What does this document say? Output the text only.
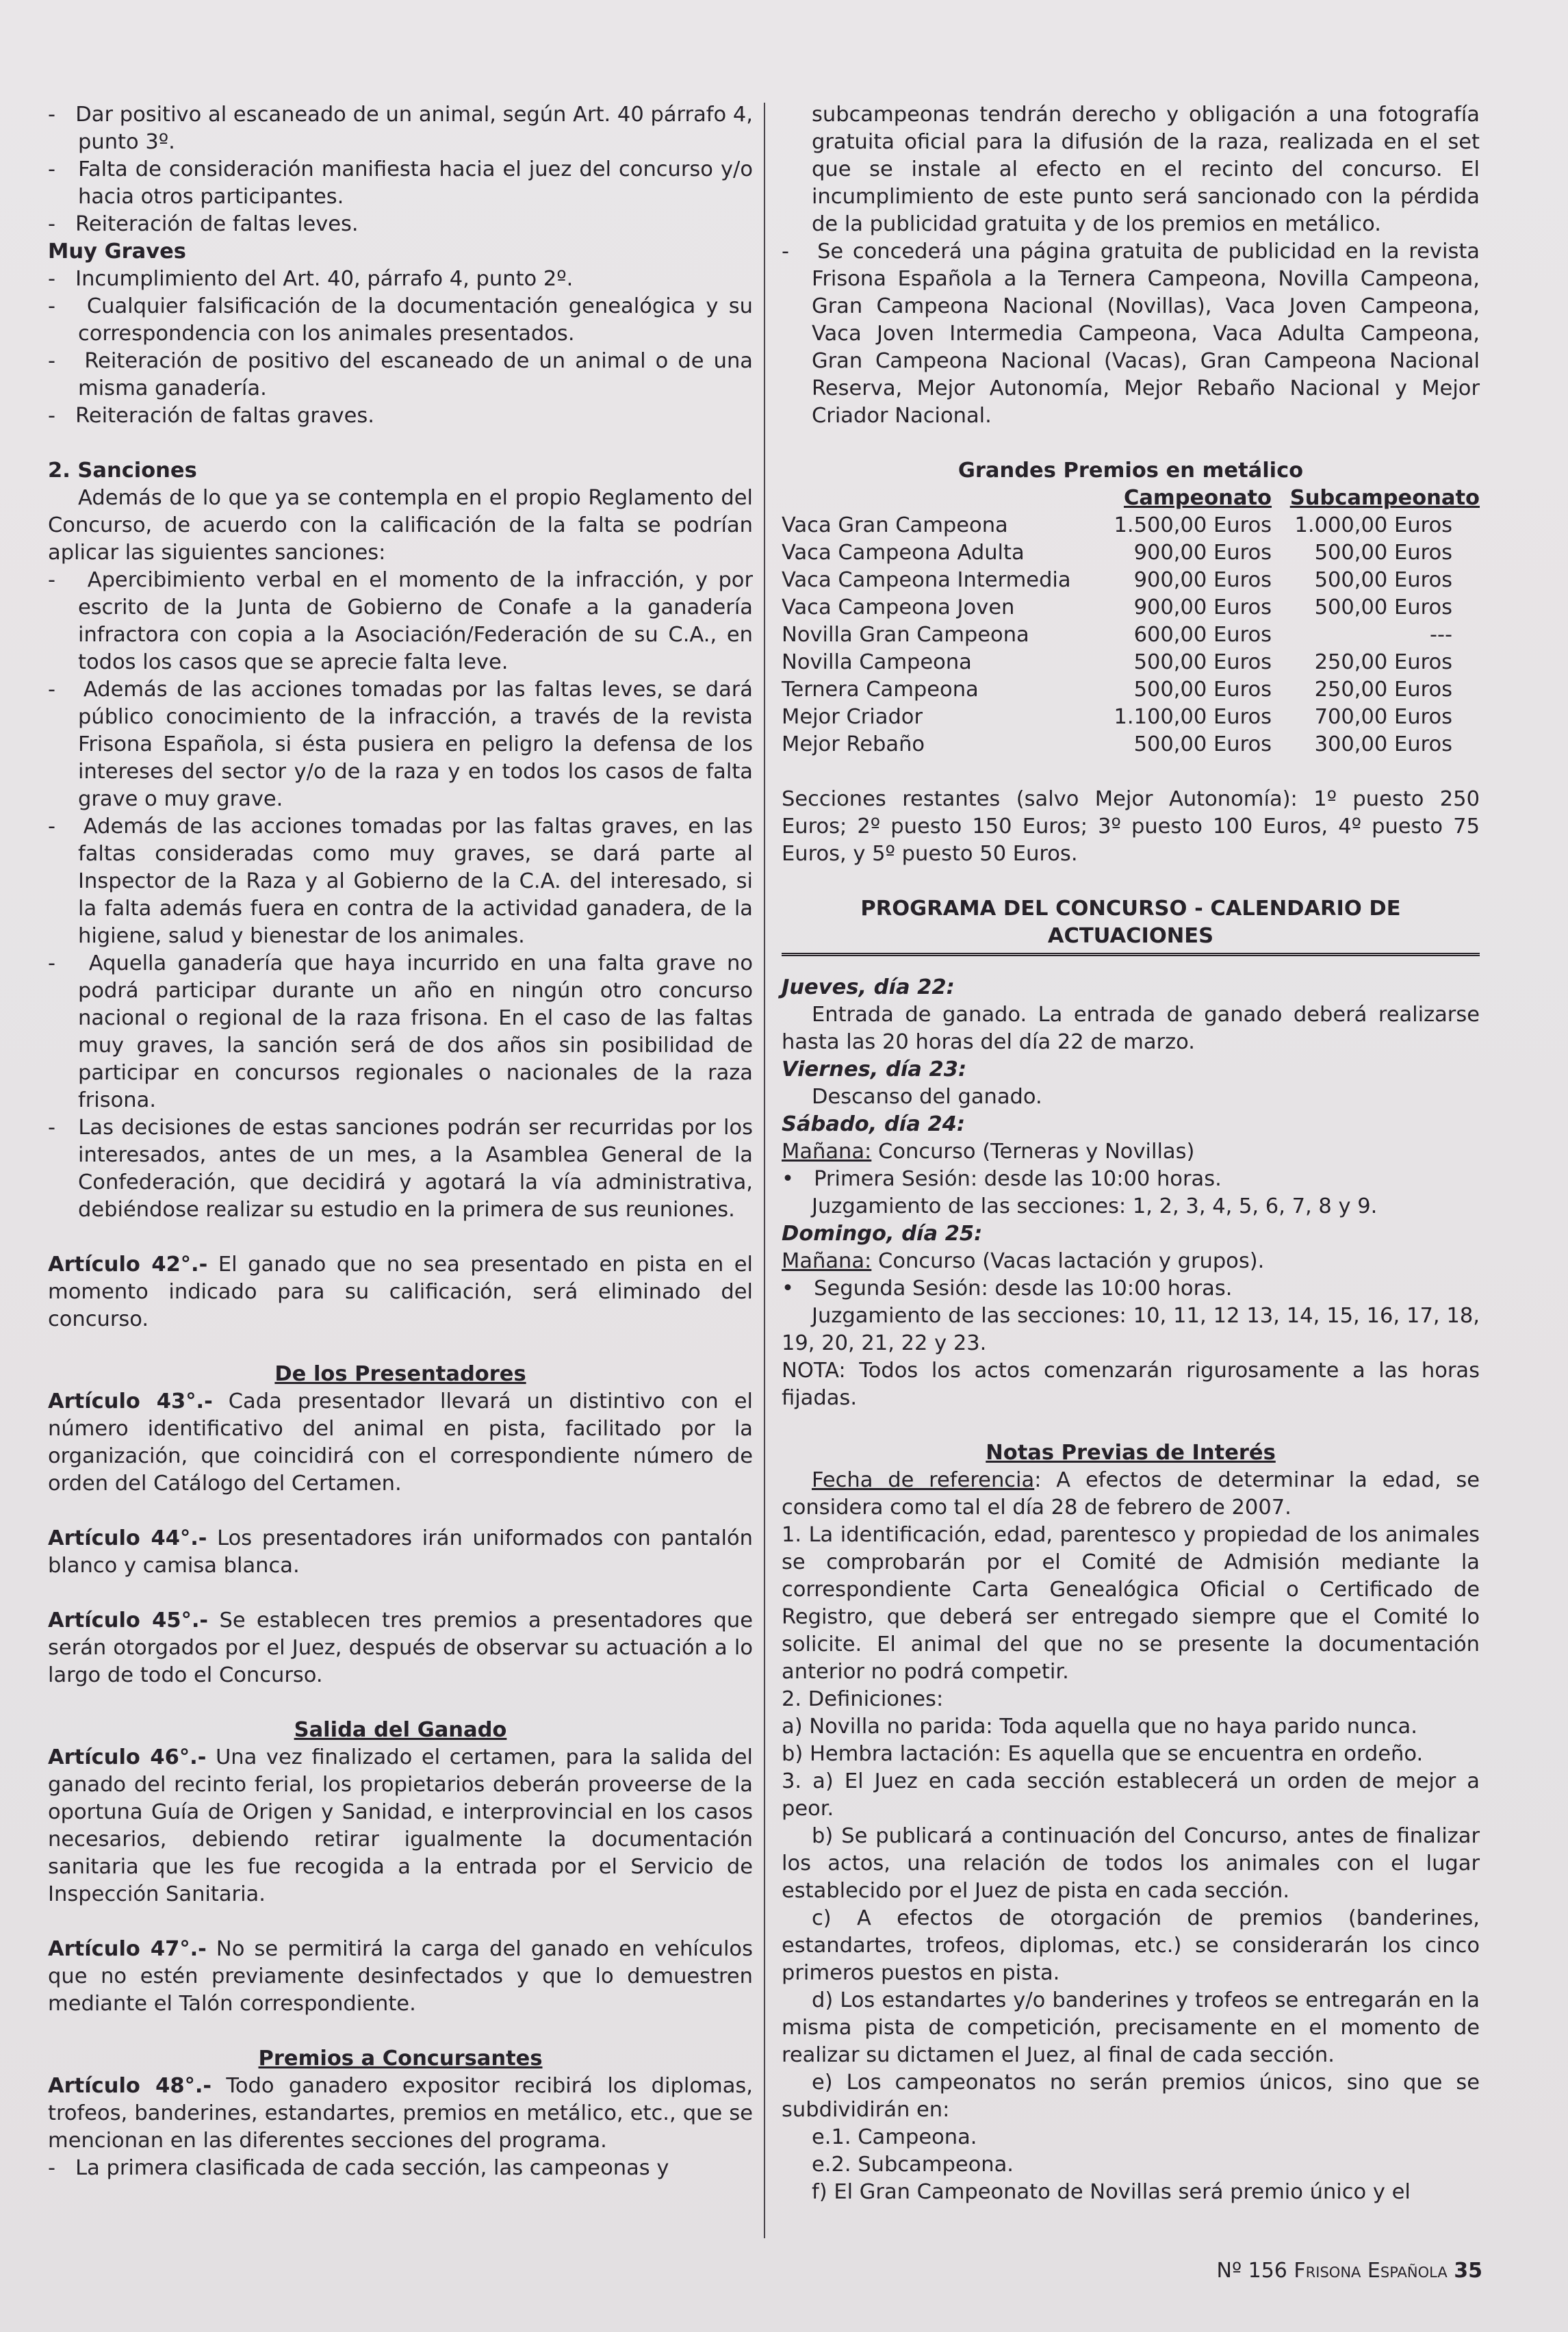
-   Dar positivo al escaneado de un animal, según Art. 40 párrafo 4, punto 3º.

-   Falta de consideración manifiesta hacia el juez del concurso y/o hacia otros participantes.

-   Reiteración de faltas leves.

Muy Graves

-   Incumplimiento del Art. 40, párrafo 4, punto 2º.

-   Cualquier falsificación de la documentación genealógica y su correspondencia con los animales presentados.

-   Reiteración de positivo del escaneado de un animal o de una misma ganadería.

-   Reiteración de faltas graves.

2. Sanciones

Además de lo que ya se contempla en el propio Reglamento del Concurso, de acuerdo con la calificación de la falta se podrían aplicar las siguientes sanciones:

-   Apercibimiento verbal en el momento de la infracción, y por escrito de la Junta de Gobierno de Conafe a la ganadería infractora con copia a la Asociación/Federación de su C.A., en todos los casos que se aprecie falta leve.

-   Además de las acciones tomadas por las faltas leves, se dará público conocimiento de la infracción, a través de la revista Frisona Española, si ésta pusiera en peligro la defensa de los intereses del sector y/o de la raza y en todos los casos de falta grave o muy grave.

-   Además de las acciones tomadas por las faltas graves, en las faltas consideradas como muy graves, se dará parte al Inspector de la Raza y al Gobierno de la C.A. del interesado, si la falta además fuera en contra de la actividad ganadera, de la higiene, salud y bienestar de los animales.

-   Aquella ganadería que haya incurrido en una falta grave no podrá participar durante un año en ningún otro concurso nacional o regional de la raza frisona. En el caso de las faltas muy graves, la sanción será de dos años sin posibilidad de participar en concursos regionales o nacionales de la raza frisona.

-   Las decisiones de estas sanciones podrán ser recurridas por los interesados, antes de un mes, a la Asamblea General de la Confederación, que decidirá y agotará la vía administrativa, debiéndose realizar su estudio en la primera de sus reuniones.

Artículo 42°.- El ganado que no sea presentado en pista en el momento indicado para su calificación, será eliminado del concurso.

De los Presentadores

Artículo 43°.- Cada presentador llevará un distintivo con el número identificativo del animal en pista, facilitado por la organización, que coincidirá con el correspondiente número de orden del Catálogo del Certamen.

Artículo 44°.- Los presentadores irán uniformados con pantalón blanco y camisa blanca.

Artículo 45°.- Se establecen tres premios a presentadores que serán otorgados por el Juez, después de observar su actuación a lo largo de todo el Concurso.

Salida del Ganado

Artículo 46°.- Una vez finalizado el certamen, para la salida del ganado del recinto ferial, los propietarios deberán proveerse de la oportuna Guía de Origen y Sanidad, e interprovincial en los casos necesarios, debiendo retirar igualmente la documentación sanitaria que les fue recogida a la entrada por el Servicio de Inspección Sanitaria.

Artículo 47°.- No se permitirá la carga del ganado en vehículos que no estén previamente desinfectados y que lo demuestren mediante el Talón correspondiente.

Premios a Concursantes

Artículo 48°.- Todo ganadero expositor recibirá los diplomas, trofeos, banderines, estandartes, premios en metálico, etc., que se mencionan en las diferentes secciones del programa.

-   La primera clasificada de cada sección, las campeonas y

subcampeonas tendrán derecho y obligación a una fotografía gratuita oficial para la difusión de la raza, realizada en el set que se instale al efecto en el recinto del concurso. El incumplimiento de este punto será sancionado con la pérdida de la publicidad gratuita y de los premios en metálico.

-   Se concederá una página gratuita de publicidad en la revista Frisona Española a la Ternera Campeona, Novilla Campeona, Gran Campeona Nacional (Novillas), Vaca Joven Campeona, Vaca Joven Intermedia Campeona, Vaca Adulta Campeona, Gran Campeona Nacional (Vacas), Gran Campeona Nacional Reserva, Mejor Autonomía, Mejor Rebaño Nacional y Mejor Criador Nacional.

Grandes Premios en metálico

	Campeonato	Subcampeonato
Vaca Gran Campeona	1.500,00 Euros	1.000,00 Euros
Vaca Campeona Adulta	900,00 Euros	500,00 Euros
Vaca Campeona Intermedia	900,00 Euros	500,00 Euros
Vaca Campeona Joven	900,00 Euros	500,00 Euros
Novilla Gran Campeona	600,00 Euros	---
Novilla Campeona	500,00 Euros	250,00 Euros
Ternera Campeona	500,00 Euros	250,00 Euros
Mejor Criador	1.100,00 Euros	700,00 Euros
Mejor Rebaño	500,00 Euros	300,00 Euros

Secciones restantes (salvo Mejor Autonomía): 1º puesto 250 Euros; 2º puesto 150 Euros; 3º puesto 100 Euros, 4º puesto 75 Euros, y 5º puesto 50 Euros.

PROGRAMA DEL CONCURSO - CALENDARIO DE ACTUACIONES

Jueves, día 22:

Entrada de ganado. La entrada de ganado deberá realizarse hasta las 20 horas del día 22 de marzo.

Viernes, día 23:

Descanso del ganado.

Sábado, día 24:

Mañana: Concurso (Terneras y Novillas)

•   Primera Sesión: desde las 10:00 horas.

Juzgamiento de las secciones: 1, 2, 3, 4, 5, 6, 7, 8 y 9.

Domingo, día 25:

Mañana: Concurso (Vacas lactación y grupos).

•   Segunda Sesión: desde las 10:00 horas.

Juzgamiento de las secciones: 10, 11, 12 13, 14, 15, 16, 17, 18, 19, 20, 21, 22 y 23.

NOTA: Todos los actos comenzarán rigurosamente a las horas fijadas.

Notas Previas de Interés

Fecha de referencia: A efectos de determinar la edad, se considera como tal el día 28 de febrero de 2007.

1. La identificación, edad, parentesco y propiedad de los animales se comprobarán por el Comité de Admisión mediante la correspondiente Carta Genealógica Oficial o Certificado de Registro, que deberá ser entregado siempre que el Comité lo solicite. El animal del que no se presente la documentación anterior no podrá competir.

2. Definiciones:

a) Novilla no parida: Toda aquella que no haya parido nunca.

b) Hembra lactación: Es aquella que se encuentra en ordeño.

3. a) El Juez en cada sección establecerá un orden de mejor a peor.

b) Se publicará a continuación del Concurso, antes de finalizar los actos, una relación de todos los animales con el lugar establecido por el Juez de pista en cada sección.

c) A efectos de otorgación de premios (banderines, estandartes, trofeos, diplomas, etc.) se considerarán los cinco primeros puestos en pista.

d) Los estandartes y/o banderines y trofeos se entregarán en la misma pista de competición, precisamente en el momento de realizar su dictamen el Juez, al final de cada sección.

e) Los campeonatos no serán premios únicos, sino que se subdividirán en:

e.1. Campeona.

e.2. Subcampeona.

f) El Gran Campeonato de Novillas será premio único y el

Nº 156 Frisona Española 35
